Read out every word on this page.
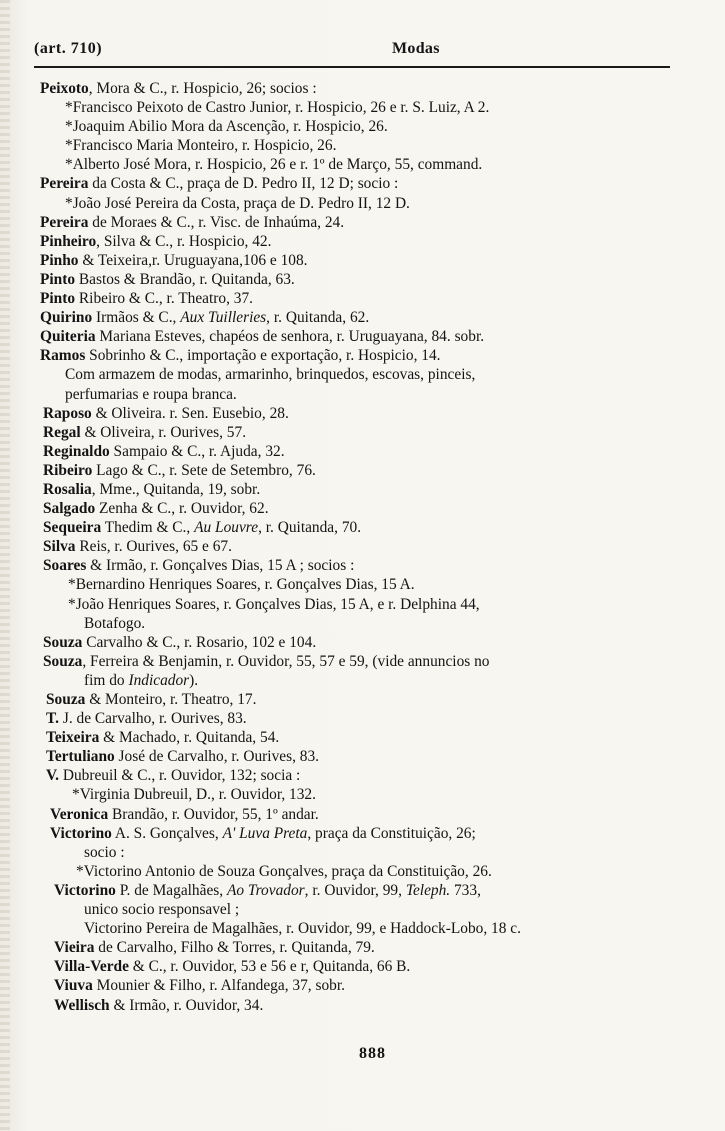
(art. 710)	Modas
Peixoto, Mora & C., r. Hospicio, 26; socios :
*Francisco Peixoto de Castro Junior, r. Hospicio, 26 e r. S. Luiz, A 2.
*Joaquim Abilio Mora da Ascenção, r. Hospicio, 26.
*Francisco Maria Monteiro, r. Hospicio, 26.
*Alberto José Mora, r. Hospicio, 26 e r. 1º de Março, 55, command.
Pereira da Costa & C., praça de D. Pedro II, 12 D; socio :
*João José Pereira da Costa, praça de D. Pedro II, 12 D.
Pereira de Moraes & C., r. Visc. de Inhaúma, 24.
Pinheiro, Silva & C., r. Hospicio, 42.
Pinho & Teixeira,r. Uruguayana,106 e 108.
Pinto Bastos & Brandão, r. Quitanda, 63.
Pinto Ribeiro & C., r. Theatro, 37.
Quirino Irmãos & C., Aux Tuilleries, r. Quitanda, 62.
Quiteria Mariana Esteves, chapéos de senhora, r. Uruguayana, 84. sobr.
Ramos Sobrinho & C., importação e exportação, r. Hospicio, 14.
Com armazem de modas, armarinho, brinquedos, escovas, pinceis,
perfumarias e roupa branca.
Raposo & Oliveira. r. Sen. Eusebio, 28.
Regal & Oliveira, r. Ourives, 57.
Reginaldo Sampaio & C., r. Ajuda, 32.
Ribeiro Lago & C., r. Sete de Setembro, 76.
Rosalia, Mme., Quitanda, 19, sobr.
Salgado Zenha & C., r. Ouvidor, 62.
Sequeira Thedim & C., Au Louvre, r. Quitanda, 70.
Silva Reis, r. Ourives, 65 e 67.
Soares & Irmão, r. Gonçalves Dias, 15 A ; socios :
*Bernardino Henriques Soares, r. Gonçalves Dias, 15 A.
*João Henriques Soares, r. Gonçalves Dias, 15 A, e r. Delphina 44,
Botafogo.
Souza Carvalho & C., r. Rosario, 102 e 104.
Souza, Ferreira & Benjamin, r. Ouvidor, 55, 57 e 59, (vide annuncios no
fim do Indicador).
Souza & Monteiro, r. Theatro, 17.
T. J. de Carvalho, r. Ourives, 83.
Teixeira & Machado, r. Quitanda, 54.
Tertuliano José de Carvalho, r. Ourives, 83.
V. Dubreuil & C., r. Ouvidor, 132; socia :
*Virginia Dubreuil, D., r. Ouvidor, 132.
Veronica Brandão, r. Ouvidor, 55, 1º andar.
Victorino A. S. Gonçalves, A' Luva Preta, praça da Constituição, 26;
socio :
*Victorino Antonio de Souza Gonçalves, praça da Constituição, 26.
Victorino P. de Magalhães, Ao Trovador, r. Ouvidor, 99, Teleph. 733,
unico socio responsavel ;
Victorino Pereira de Magalhães, r. Ouvidor, 99, e Haddock-Lobo, 18 c.
Vieira de Carvalho, Filho & Torres, r. Quitanda, 79.
Villa-Verde & C., r. Ouvidor, 53 e 56 e r, Quitanda, 66 B.
Viuva Mounier & Filho, r. Alfandega, 37, sobr.
Wellisch & Irmão, r. Ouvidor, 34.
888
